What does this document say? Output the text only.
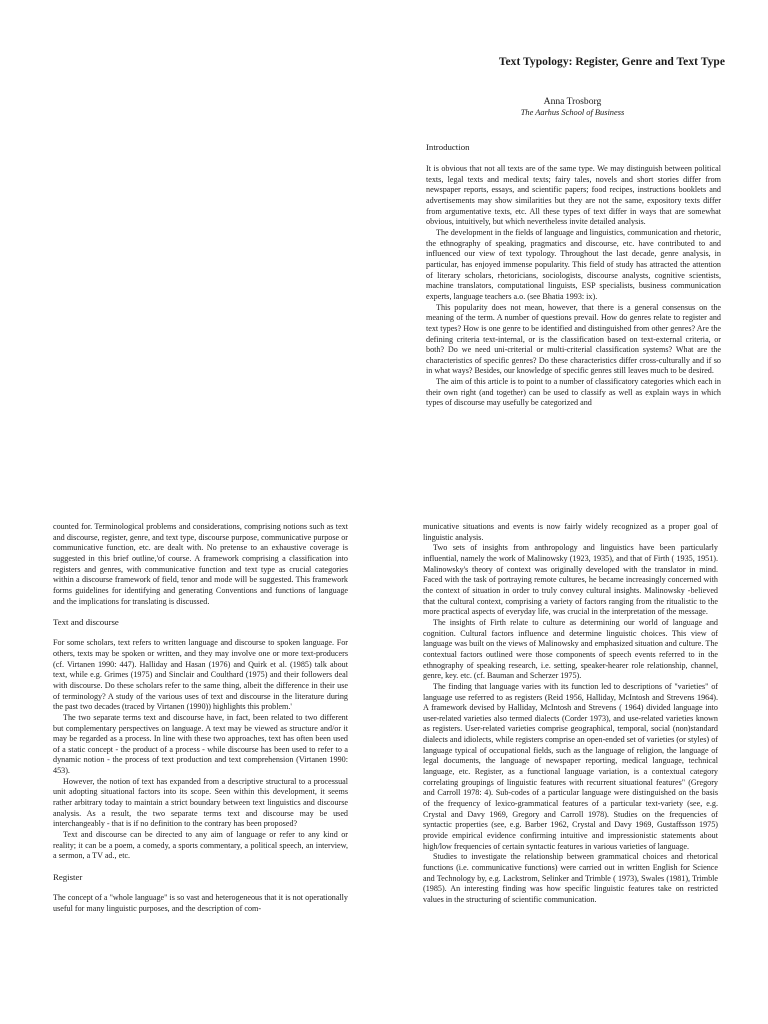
Text Typology: Register, Genre and Text Type
Anna Trosborg
The Aarhus School of Business
Introduction

It is obvious that not all texts are of the same type. We may distinguish between political texts, legal texts and medical texts; fairy tales, novels and short stories differ from newspaper reports, essays, and scientific papers; food recipes, instructions booklets and advertisements may show similarities but they are not the same, expository texts differ from argumentative texts, etc. All these types of text differ in ways that are somewhat obvious, intuitively, but which nevertheless invite detailed analysis.

The development in the fields of language and linguistics, communication and rhetoric, the ethnography of speaking, pragmatics and discourse, etc. have contributed to and influenced our view of text typology. Throughout the last decade, genre analysis, in particular, has enjoyed immense popularity. This field of study has attracted the attention of literary scholars, rhetoricians, sociologists, discourse analysts, cognitive scientists, machine translators, computational linguists, ESP specialists, business communication experts, language teachers a.o. (see Bhatia 1993: ix).

This popularity does not mean, however, that there is a general consensus on the meaning of the term. A number of questions prevail. How do genres relate to register and text types? How is one genre to be identified and distinguished from other genres? Are the defining criteria text-internal, or is the classification based on text-external criteria, or both? Do we need uni-criterial or multi-criterial classification systems? What are the characteristics of specific genres? Do these characteristics differ cross-culturally and if so in what ways? Besides, our knowledge of specific genres still leaves much to be desired.

The aim of this article is to point to a number of classificatory categories which each in their own right (and together) can be used to classify as well as explain ways in which types of discourse may usefully be categorized and

counted for. Terminological problems and considerations, comprising notions such as text and discourse, register, genre, and text type, discourse purpose, communicative purpose or communicative function, etc. are dealt with. No pretense to an exhaustive coverage is suggested in this brief outline,'of course. A framework comprising a classification into registers and genres, with communicative function and text type as crucial categories within a discourse framework of field, tenor and mode will be suggested. This framework forms guidelines for identifying and generating Conventions and functions of language and the implications for translating is discussed.

Text and discourse

For some scholars, text refers to written language and discourse to spoken language. For others, texts may be spoken or written, and they may involve one or more text-producers (cf. Virtanen 1990: 447). Halliday and Hasan (1976) and Quirk et al. (1985) talk about text, while e.g. Grimes (1975) and Sinclair and Coulthard (1975) and their followers deal with discourse. Do these scholars refer to the same thing, albeit the difference in their use of terminology? A study of the various uses of text and discourse in the literature during the past two decades (traced by Virtanen (1990)) highlights this problem.'

The two separate terms text and discourse have, in fact, been related to two different but complementary perspectives on language. A text may be viewed as structure and/or it may be regarded as a process. In line with these two approaches, text has often been used of a static concept - the product of a process - while discourse has been used to refer to a dynamic notion - the process of text production and text comprehension (Virtanen 1990: 453).

However, the notion of text has expanded from a descriptive structural to a processual unit adopting situational factors into its scope. Seen within this development, it seems rather arbitrary today to maintain a strict boundary between text linguistics and discourse analysis. As a result, the two separate terms text and discourse may be used interchangeably - that is if no definition to the contrary has been proposed?

Text and discourse can be directed to any aim of language or refer to any kind or reality; it can be a poem, a comedy, a sports commentary, a political speech, an interview, a sermon, a TV ad., etc.

Register

The concept of a "whole language" is so vast and heterogeneous that it is not operationally useful for many linguistic purposes, and the description of com-

municative situations and events is now fairly widely recognized as a proper goal of linguistic analysis.

Two sets of insights from anthropology and linguistics have been particularly influential, namely the work of Malinowsky (1923, 1935), and that of Firth ( 1935, 1951). Malinowsky's theory of context was originally developed with the translator in mind. Faced with the task of portraying remote cultures, he became increasingly concerned with the context of situation in order to truly convey cultural insights. Malinowsky -believed that the cultural context, comprising a variety of factors ranging from the ritualistic to the more practical aspects of everyday life, was crucial in the interpretation of the message.

The insights of Firth relate to culture as determining our world of language and cognition. Cultural factors influence and determine linguistic choices. This view of language was built on the views of Malinowsky and emphasized situation and culture. The contextual factors outlined were those components of speech events referred to in the ethnography of speaking research, i.e. setting, speaker-hearer role relationship, channel, genre, key. etc. (cf. Bauman and Scherzer 1975).

The finding that language varies with its function led to descriptions of "varieties" of language use referred to as registers (Reid 1956, Halliday, McIntosh and Strevens 1964). A framework devised by Halliday, McIntosh and Strevens ( 1964) divided language into user-related varieties also termed dialects (Corder 1973), and use-related varieties known as registers. User-related varieties comprise geographical, temporal, social (non)standard dialects and idiolects, while registers comprise an open-ended set of varieties (or styles) of language typical of occupational fields, such as the language of religion, the language of legal documents, the language of newspaper reporting, medical language, technical language, etc. Register, as a functional language variation, is a contextual category correlating groupings of linguistic features with recurrent situational features" (Gregory and Carroll 1978: 4). Sub-codes of a particular language were distinguished on the basis of the frequency of lexico-grammatical features of a particular text-variety (see, e.g. Crystal and Davy 1969, Gregory and Carroll 1978). Studies on the frequencies of syntactic properties (see, e.g. Barber 1962, Crystal and Davy 1969, Gustaffsson 1975) provide empirical evidence confirming intuitive and impressionistic statements about high/low frequencies of certain syntactic features in various varieties of language.

Studies to investigate the relationship between grammatical choices and rhetorical functions (i.e. communicative functions) were carried out in written English for Science and Technology by, e.g. Lackstrom, Selinker and Trimble ( 1973), Swales (1981), Trimble (1985). An interesting finding was how specific linguistic features take on restricted values in the structuring of scientific communication.
